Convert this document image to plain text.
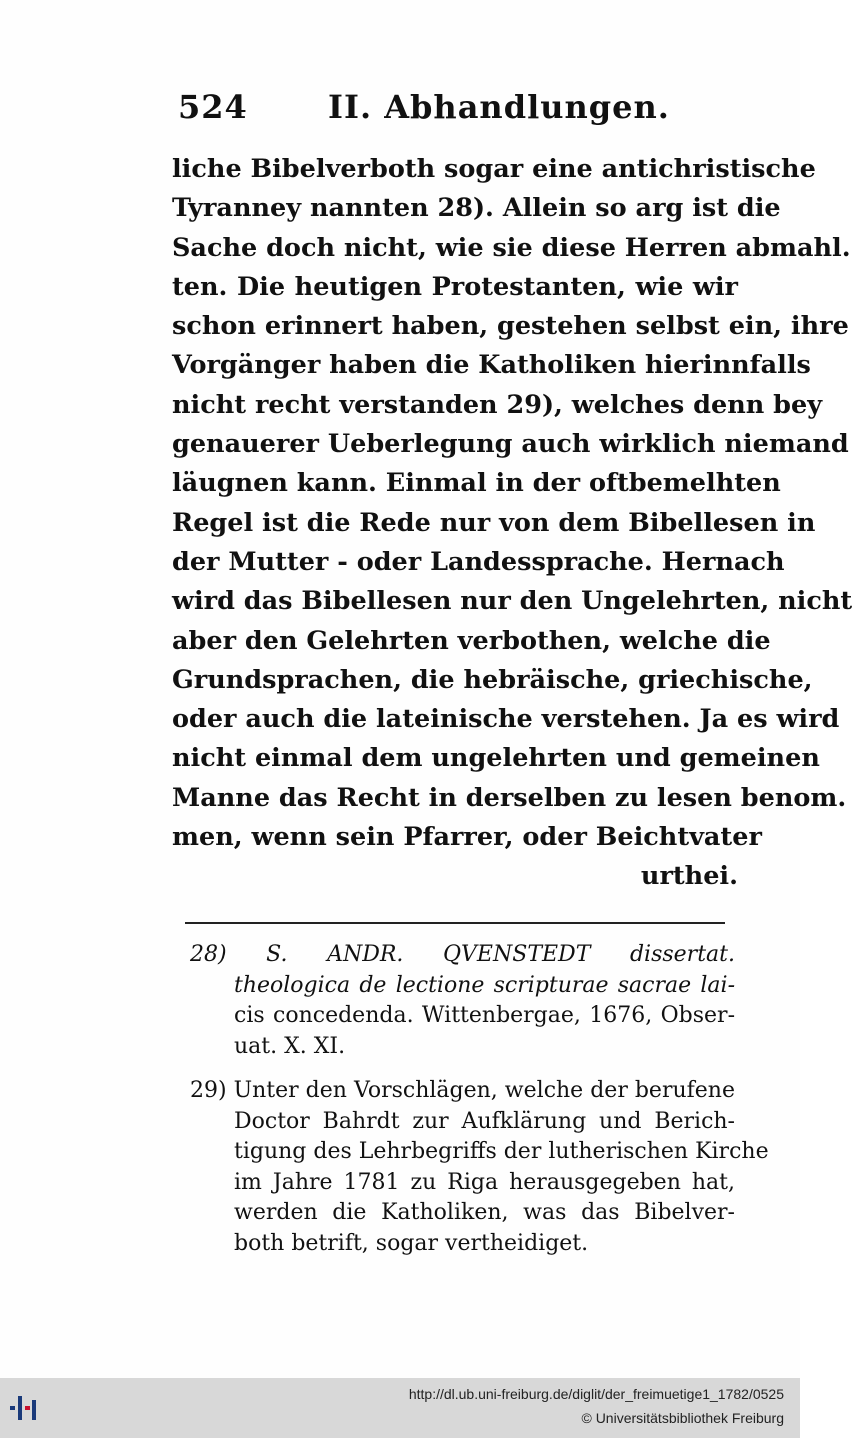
524	II. Abhandlungen.
liche Bibelverboth sogar eine antichristische
Tyranney nannten 28). Allein so arg ist die
Sache doch nicht, wie sie diese Herren abmahl.
ten. Die heutigen Protestanten, wie wir
schon erinnert haben, gestehen selbst ein, ihre
Vorgänger haben die Katholiken hierinnfalls
nicht recht verstanden 29), welches denn bey
genauerer Ueberlegung auch wirklich niemand
läugnen kann. Einmal in der oftbemelhten
Regel ist die Rede nur von dem Bibellesen in
der Mutter - oder Landessprache. Hernach
wird das Bibellesen nur den Ungelehrten, nicht
aber den Gelehrten verbothen, welche die
Grundsprachen, die hebräische, griechische,
oder auch die lateinische verstehen. Ja es wird
nicht einmal dem ungelehrten und gemeinen
Manne das Recht in derselben zu lesen benom.
men, wenn sein Pfarrer, oder Beichtvater
urthei.
28) S. ANDR. QVENSTEDT dissertat.
theologica de lectione scripturae sacrae lai-
cis concedenda. Wittenbergae, 1676, Obser-
uat. X. XI.
29) Unter den Vorschlägen, welche der berufene
Doctor Bahrdt zur Aufklärung und Berich-
tigung des Lehrbegriffs der lutherischen Kirche
im Jahre 1781 zu Riga herausgegeben hat,
werden die Katholiken, was das Bibelver-
both betrift, sogar vertheidiget.
http://dl.ub.uni-freiburg.de/diglit/der_freimuetige1_1782/0525
© Universitätsbibliothek Freiburg
